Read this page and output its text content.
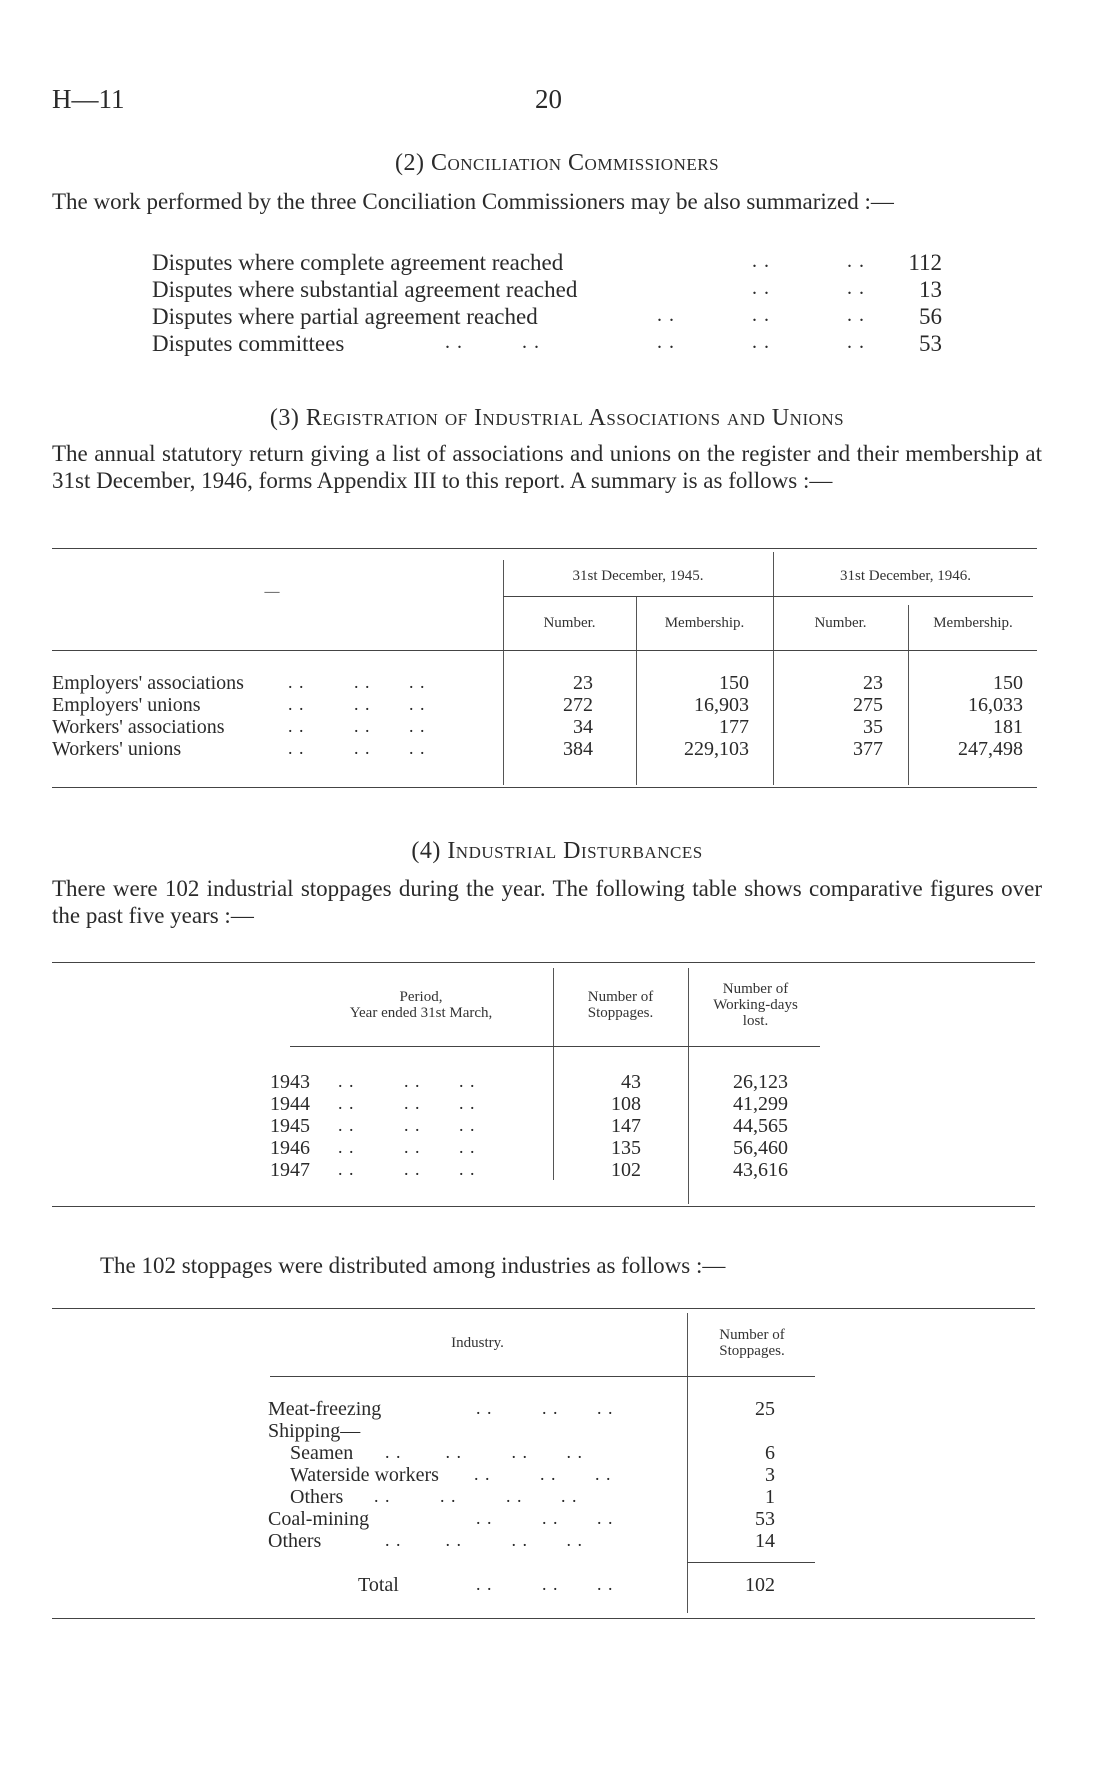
H—11	20
(2) Conciliation Commissioners
The work performed by the three Conciliation Commissioners may be also summarized :—
Disputes where complete agreement reached	. .	. . 112
Disputes where substantial agreement reached	. .	. . 13
Disputes where partial agreement reached	. .	. .	. . 56
Disputes committees	. .	. .	. .	. .	. . 53
(3) Registration of Industrial Associations and Unions
The annual statutory return giving a list of associations and unions on the register and their membership at 31st December, 1946, forms Appendix III to this report. A summary is as follows :—
—
31st December, 1945.	31st December, 1946.
Number.	Membership.	Number.	Membership.
Employers' associations . .         . .       . .	23	150	23	150
Employers' unions	. .         . .       . .	272	16,903	275	16,033
Workers' associations	. .         . .       . .	34	177	35	181
Workers' unions	. .         . .       . .	384	229,103	377	247,498
(4) Industrial Disturbances
There were 102 industrial stoppages during the year. The following table shows comparative figures over the past five years :—
Period,
Year ended 31st March,
Number of
Stoppages.
Number of
Working-days
lost.
1943 . .         . .       . .	43	26,123
1944 . .         . .       . .	108	41,299
1945 . .         . .       . .	147	44,565
1946 . .         . .       . .	135	56,460
1947 . .         . .       . .	102	43,616
The 102 stoppages were distributed among industries as follows :—
Industry.	Number of
Stoppages.
Meat-freezing	. .         . .       . .	25
Shipping—
Seamen . .        . .         . .       . .	6
Waterside workers . .         . .       . .	3
Others . .         . .         . .       . .	1
Coal-mining	. .         . .       . .	53
Others	. .        . .         . .       . .	14
Total	. .         . .       . .	102
